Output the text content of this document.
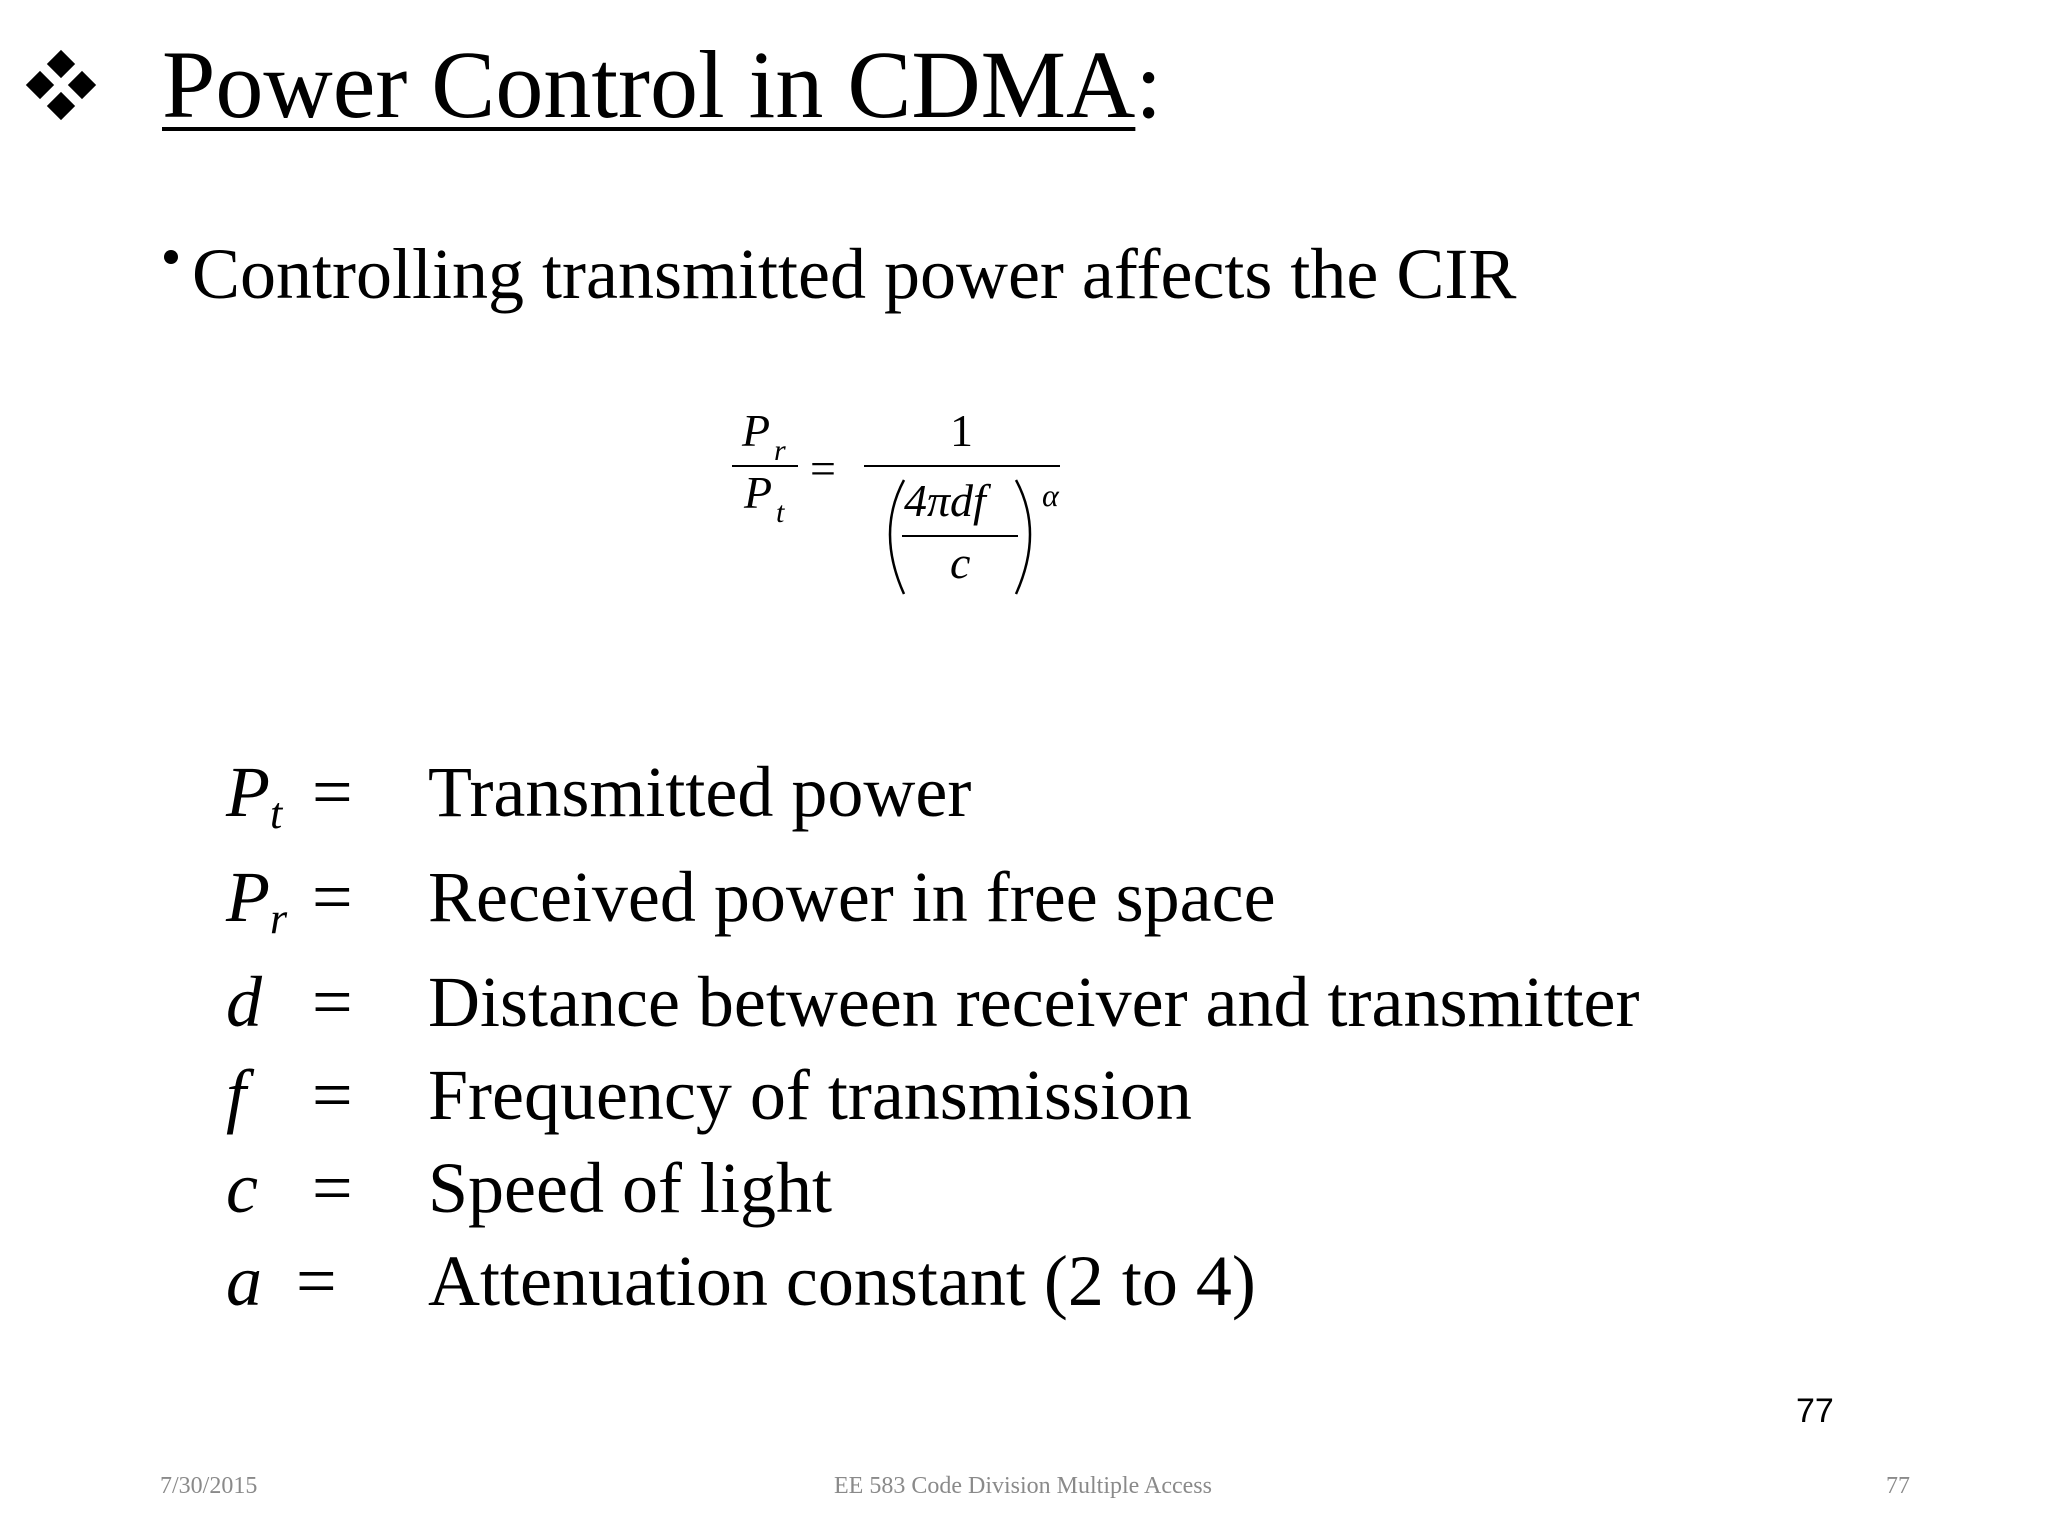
Power Control in CDMA:
Controlling transmitted power affects the CIR
P r
P t
=
1
4πdf
c
α
$P_t$ = Transmitted power
$P_r$ = Received power in free space
d = Distance between receiver and transmitter
f = Frequency of transmission
c = Speed of light
a = Attenuation constant (2 to 4)
77
7/30/2015	EE 583 Code Division Multiple Access	77
